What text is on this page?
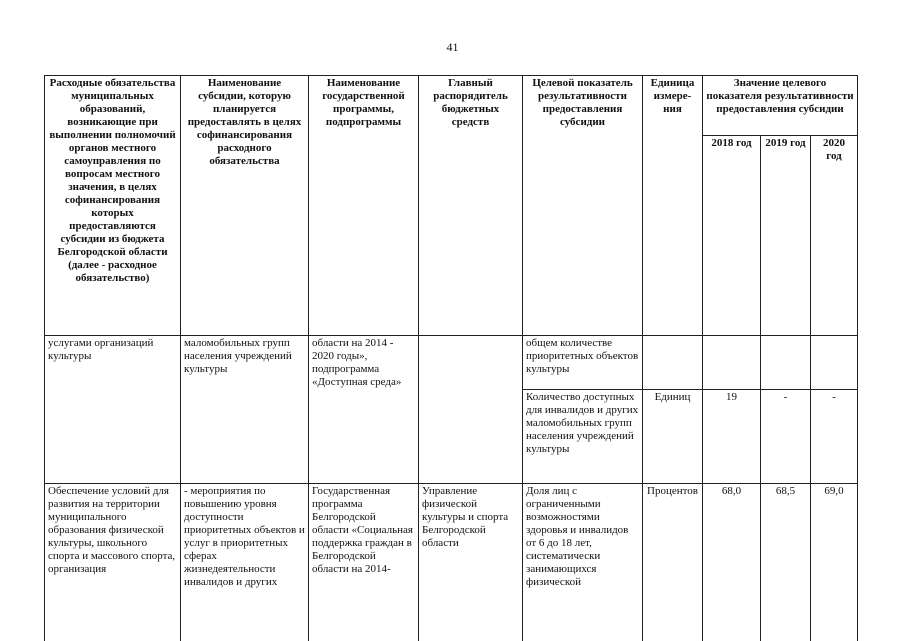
41
Расходные обязательства муниципальных образований, возникающие при выполнении полномочий органов местного самоуправления по вопросам местного значения, в целях софинансирования которых предоставляются субсидии из бюджета Белгородской области (далее - расходное обязательство)	Наименование субсидии, которую планируется предоставлять в целях софинансирования расходного обязательства	Наименование государственной программы, подпрограммы	Главный распорядитель бюджетных средств	Целевой показатель результативности предоставления субсидии	Единица измере-ния	Значение целевого показателя результативности предоставления субсидии		
						2018 год	2019 год	2020 год
услугами организаций культуры	маломобильных групп населения учреждений культуры	области на 2014 - 2020 годы», подпрограмма «Доступная среда»		общем количестве приоритетных объектов культуры				
				Количество доступных для инвалидов и других маломобильных групп населения учреждений культуры	Единиц	19	-	-
Обеспечение условий для развития на территории муниципального образования физической культуры, школьного спорта и массового спорта, организация	- мероприятия по повышению уровня доступности приоритетных объектов и услуг в приоритетных сферах жизнедеятельности инвалидов и других	Государственная программа Белгородской области «Социальная поддержка граждан в Белгородской области на 2014-	Управление физической культуры и спорта Белгородской области	Доля лиц с ограниченными возможностями здоровья и инвалидов от 6 до 18 лет, систематически занимающихся физической	Процентов	68,0	68,5	69,0
